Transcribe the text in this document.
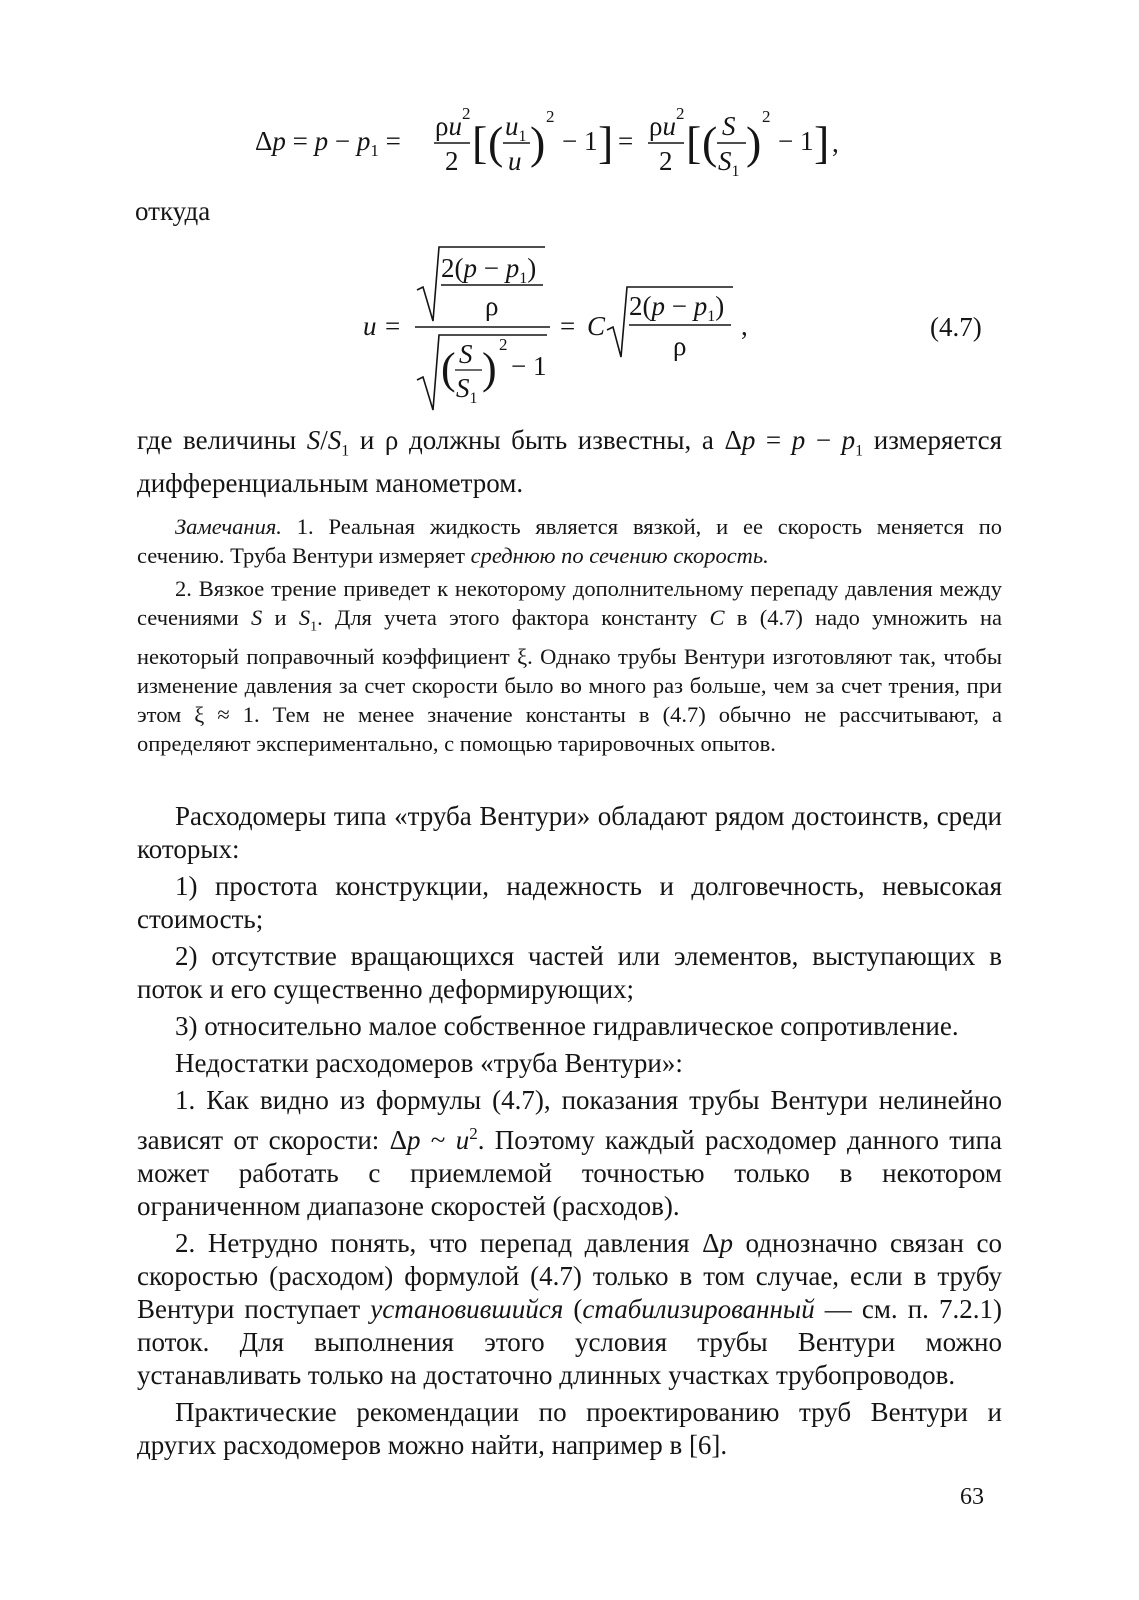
$\Delta p = p - p_1 = \rho u^2$
2 [ ( $u_1$
u )
2
− 1 ] = $\rho u^2$
2 [ ( S
$S_1$
)
2
− 1 ] ,
откуда
u =
$2(p - p_1)$
ρ
( S
$S_1$
) 2
− 1
= C
$2(p - p_1)$
ρ
,	(4.7)

где величины $S/S_1$ и ρ должны быть известны, а $\Delta p = p - p_1$ измеряется дифференциальным манометром.

Замечания. 1. Реальная жидкость является вязкой, и ее скорость меняется по сечению. Труба Вентури измеряет среднюю по сечению скорость.

2. Вязкое трение приведет к некоторому дополнительному перепаду давления между сечениями S и $S_1$. Для учета этого фактора константу C в (4.7) надо умножить на некоторый поправочный коэффициент ξ. Однако трубы Вентури изготовляют так, чтобы изменение давления за счет скорости было во много раз больше, чем за счет трения, при этом ξ ≈ 1. Тем не менее значение константы в (4.7) обычно не рассчитывают, а определяют экспериментально, с помощью тарировочных опытов.

Расходомеры типа «труба Вентури» обладают рядом достоинств, среди которых:

1) простота конструкции, надежность и долговечность, невысокая стоимость;

2) отсутствие вращающихся частей или элементов, выступающих в поток и его существенно деформирующих;

3) относительно малое собственное гидравлическое сопротивление.

Недостатки расходомеров «труба Вентури»:

1. Как видно из формулы (4.7), показания трубы Вентури нелинейно зависят от скорости: Δp ~ $u^2$. Поэтому каждый расходомер данного типа может работать с приемлемой точностью только в некотором ограниченном диапазоне скоростей (расходов).

2. Нетрудно понять, что перепад давления Δp однозначно связан со скоростью (расходом) формулой (4.7) только в том случае, если в трубу Вентури поступает установившийся (стабилизированный — см. п. 7.2.1) поток. Для выполнения этого условия трубы Вентури можно устанавливать только на достаточно длинных участках трубопроводов.

Практические рекомендации по проектированию труб Вентури и других расходомеров можно найти, например в [6].

63
